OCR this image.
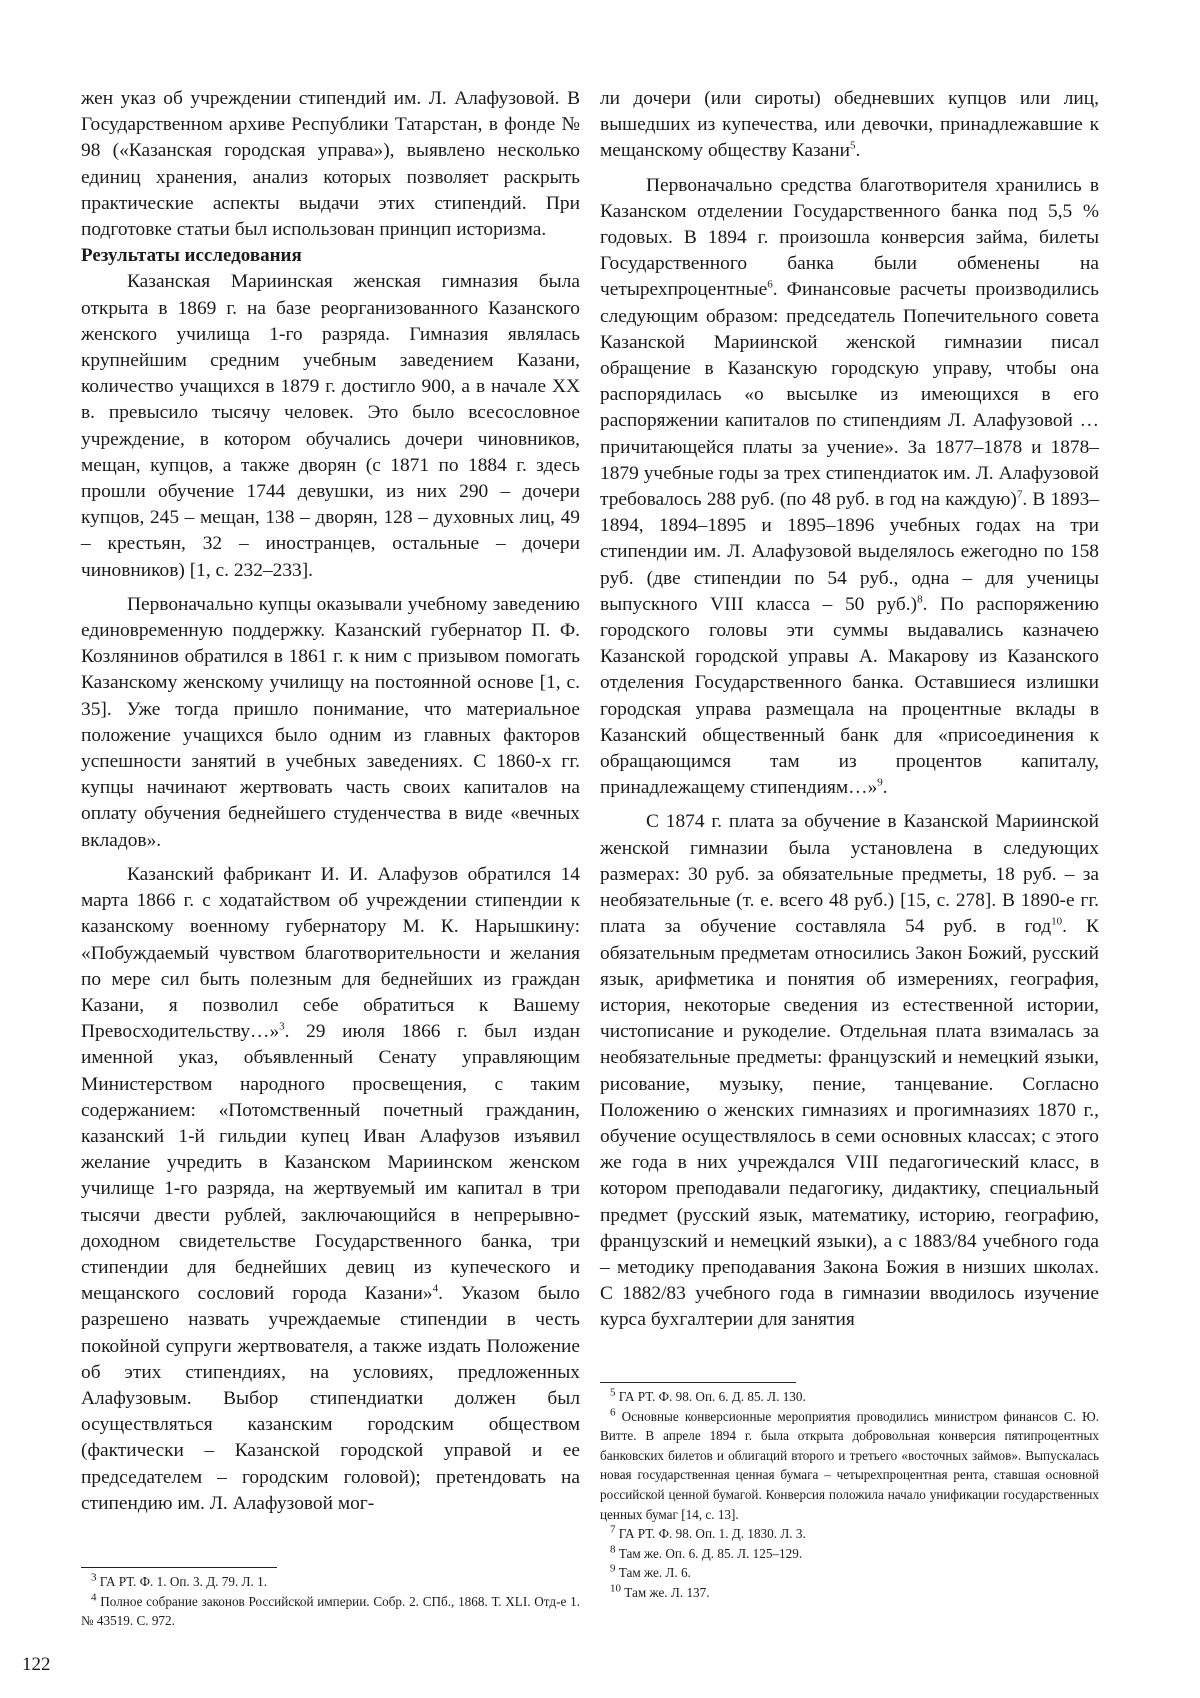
жен указ об учреждении стипендий им. Л. Алафузовой. В Государственном архиве Республики Татарстан, в фонде № 98 («Казанская городская управа»), выявлено несколько единиц хранения, анализ которых позволяет раскрыть практические аспекты выдачи этих стипендий. При подготовке статьи был использован принцип историзма.

Результаты исследования

Казанская Мариинская женская гимназия была открыта в 1869 г. на базе реорганизованного Казанского женского училища 1-го разряда. Гимназия являлась крупнейшим средним учебным заведением Казани, количество учащихся в 1879 г. достигло 900, а в начале XX в. превысило тысячу человек. Это было всесословное учреждение, в котором обучались дочери чиновников, мещан, купцов, а также дворян (с 1871 по 1884 г. здесь прошли обучение 1744 девушки, из них 290 – дочери купцов, 245 – мещан, 138 – дворян, 128 – духовных лиц, 49 – крестьян, 32 – иностранцев, остальные – дочери чиновников) [1, с. 232–233].

Первоначально купцы оказывали учебному заведению единовременную поддержку. Казанский губернатор П. Ф. Козлянинов обратился в 1861 г. к ним с призывом помогать Казанскому женскому училищу на постоянной основе [1, с. 35]. Уже тогда пришло понимание, что материальное положение учащихся было одним из главных факторов успешности занятий в учебных заведениях. С 1860-х гг. купцы начинают жертвовать часть своих капиталов на оплату обучения беднейшего студенчества в виде «вечных вкладов».

Казанский фабрикант И. И. Алафузов обратился 14 марта 1866 г. с ходатайством об учреждении стипендии к казанскому военному губернатору М. К. Нарышкину: «Побуждаемый чувством благотворительности и желания по мере сил быть полезным для беднейших из граждан Казани, я позволил себе обратиться к Вашему Превосходительству…»$^3$. 29 июля 1866 г. был издан именной указ, объявленный Сенату управляющим Министерством народного просвещения, с таким содержанием: «Потомственный почетный гражданин, казанский 1-й гильдии купец Иван Алафузов изъявил желание учредить в Казанском Мариинском женском училище 1-го разряда, на жертвуемый им капитал в три тысячи двести рублей, заключающийся в непрерывно-доходном свидетельстве Государственного банка, три стипендии для беднейших девиц из купеческого и мещанского сословий города Казани»$^4$. Указом было разрешено назвать учреждаемые стипендии в честь покойной супруги жертвователя, а также издать Положение об этих стипендиях, на условиях, предложенных Алафузовым. Выбор стипендиатки должен был осуществляться казанским городским обществом (фактически – Казанской городской управой и ее председателем – городским головой); претендовать на стипендию им. Л. Алафузовой мог-

ли дочери (или сироты) обедневших купцов или лиц, вышедших из купечества, или девочки, принадлежавшие к мещанскому обществу Казани$^5$.

Первоначально средства благотворителя хранились в Казанском отделении Государственного банка под 5,5 % годовых. В 1894 г. произошла конверсия займа, билеты Государственного банка были обменены на четырехпроцентные$^6$. Финансовые расчеты производились следующим образом: председатель Попечительного совета Казанской Мариинской женской гимназии писал обращение в Казанскую городскую управу, чтобы она распорядилась «о высылке из имеющихся в его распоряжении капиталов по стипендиям Л. Алафузовой … причитающейся платы за учение». За 1877–1878 и 1878–1879 учебные годы за трех стипендиаток им. Л. Алафузовой требовалось 288 руб. (по 48 руб. в год на каждую)$^7$. В 1893–1894, 1894–1895 и 1895–1896 учебных годах на три стипендии им. Л. Алафузовой выделялось ежегодно по 158 руб. (две стипендии по 54 руб., одна – для ученицы выпускного VIII класса – 50 руб.)$^8$. По распоряжению городского головы эти суммы выдавались казначею Казанской городской управы А. Макарову из Казанского отделения Государственного банка. Оставшиеся излишки городская управа размещала на процентные вклады в Казанский общественный банк для «присоединения к обращающимся там из процентов капиталу, принадлежащему стипендиям…»$^9$.

С 1874 г. плата за обучение в Казанской Мариинской женской гимназии была установлена в следующих размерах: 30 руб. за обязательные предметы, 18 руб. – за необязательные (т. е. всего 48 руб.) [15, с. 278]. В 1890-е гг. плата за обучение составляла 54 руб. в год$^{10}$. К обязательным предметам относились Закон Божий, русский язык, арифметика и понятия об измерениях, география, история, некоторые сведения из естественной истории, чистописание и рукоделие. Отдельная плата взималась за необязательные предметы: французский и немецкий языки, рисование, музыку, пение, танцевание. Согласно Положению о женских гимназиях и прогимназиях 1870 г., обучение осуществлялось в семи основных классах; с этого же года в них учреждался VIII педагогический класс, в котором преподавали педагогику, дидактику, специальный предмет (русский язык, математику, историю, географию, французский и немецкий языки), а с 1883/84 учебного года – методику преподавания Закона Божия в низших школах. С 1882/83 учебного года в гимназии вводилось изучение курса бухгалтерии для занятия

$^5$ ГА РТ. Ф. 98. Оп. 6. Д. 85. Л. 130.

$^6$ Основные конверсионные мероприятия проводились министром финансов С. Ю. Витте. В апреле 1894 г. была открыта добровольная конверсия пятипроцентных банковских билетов и облигаций второго и третьего «восточных займов». Выпускалась новая государственная ценная бумага – четырехпроцентная рента, ставшая основной российской ценной бумагой. Конверсия положила начало унификации государственных ценных бумаг [14, с. 13].

$^7$ ГА РТ. Ф. 98. Оп. 1. Д. 1830. Л. 3.

$^8$ Там же. Оп. 6. Д. 85. Л. 125–129.

$^9$ Там же. Л. 6.

$^{10}$ Там же. Л. 137.

$^3$ ГА РТ. Ф. 1. Оп. 3. Д. 79. Л. 1.

$^4$ Полное собрание законов Российской империи. Собр. 2. СПб., 1868. Т. XLI. Отд-е 1. № 43519. С. 972.

122
